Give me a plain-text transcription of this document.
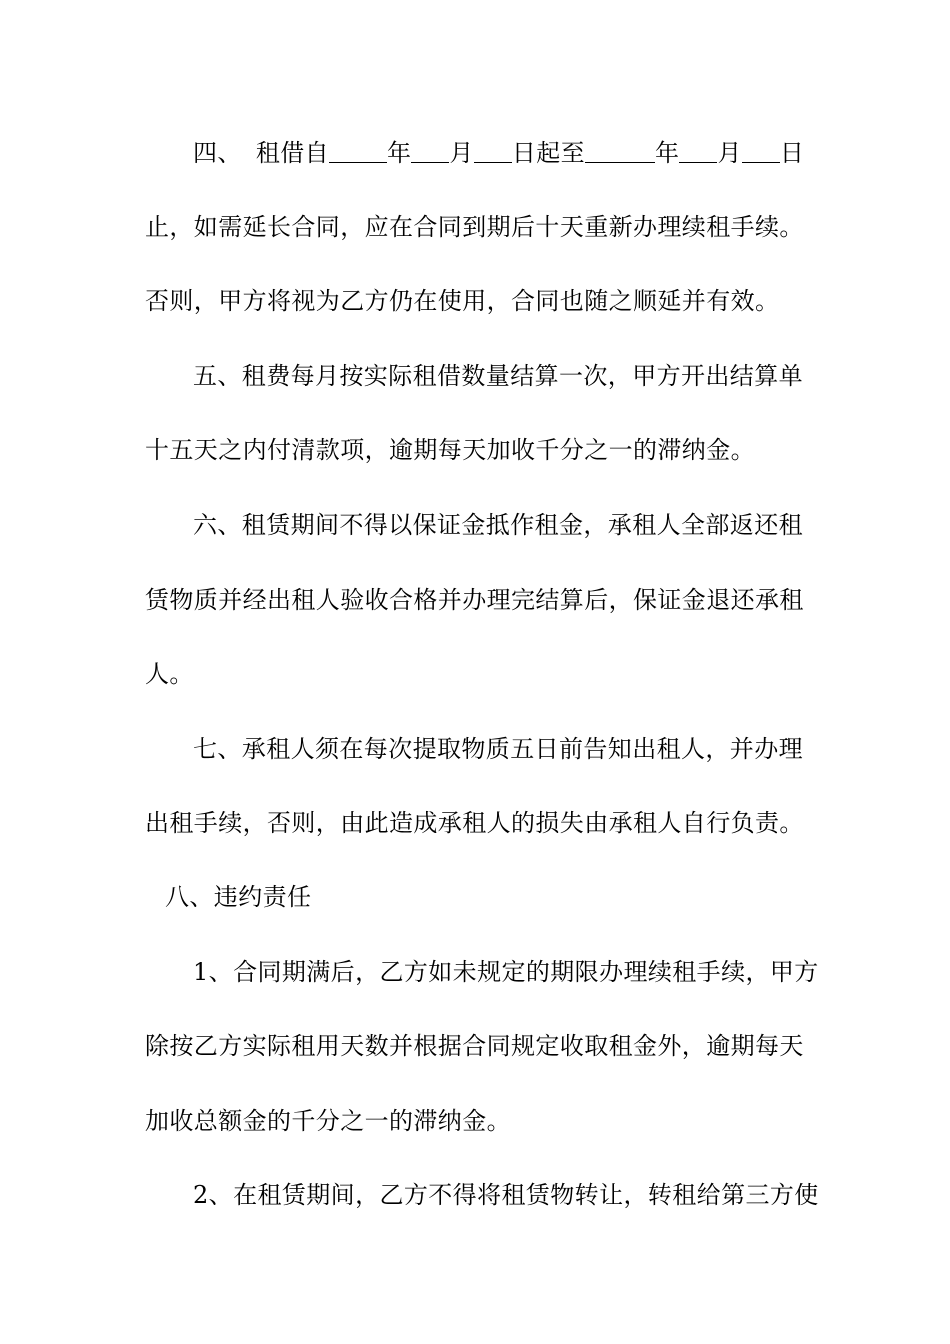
四、 租借自 年 月 日起至	年 月 日
止，如需延长合同，应在合同到期后十天重新办理续租手续。
否则，甲方将视为乙方仍在使用，合同也随之顺延并有效。
五、租费每月按实际租借数量结算一次，甲方开出结算单
十五天之内付清款项，逾期每天加收千分之一的滞纳金。
六、租赁期间不得以保证金抵作租金，承租人全部返还租
赁物质并经出租人验收合格并办理完结算后，保证金退还承租
人。
七、承租人须在每次提取物质五日前告知出租人，并办理
出租手续，否则，由此造成承租人的损失由承租人自行负责。
八、违约责任
1、合同期满后，乙方如未规定的期限办理续租手续，甲方
除按乙方实际租用天数并根据合同规定收取租金外，逾期每天
加收总额金的千分之一的滞纳金。
2、在租赁期间，乙方不得将租赁物转让，转租给第三方使
